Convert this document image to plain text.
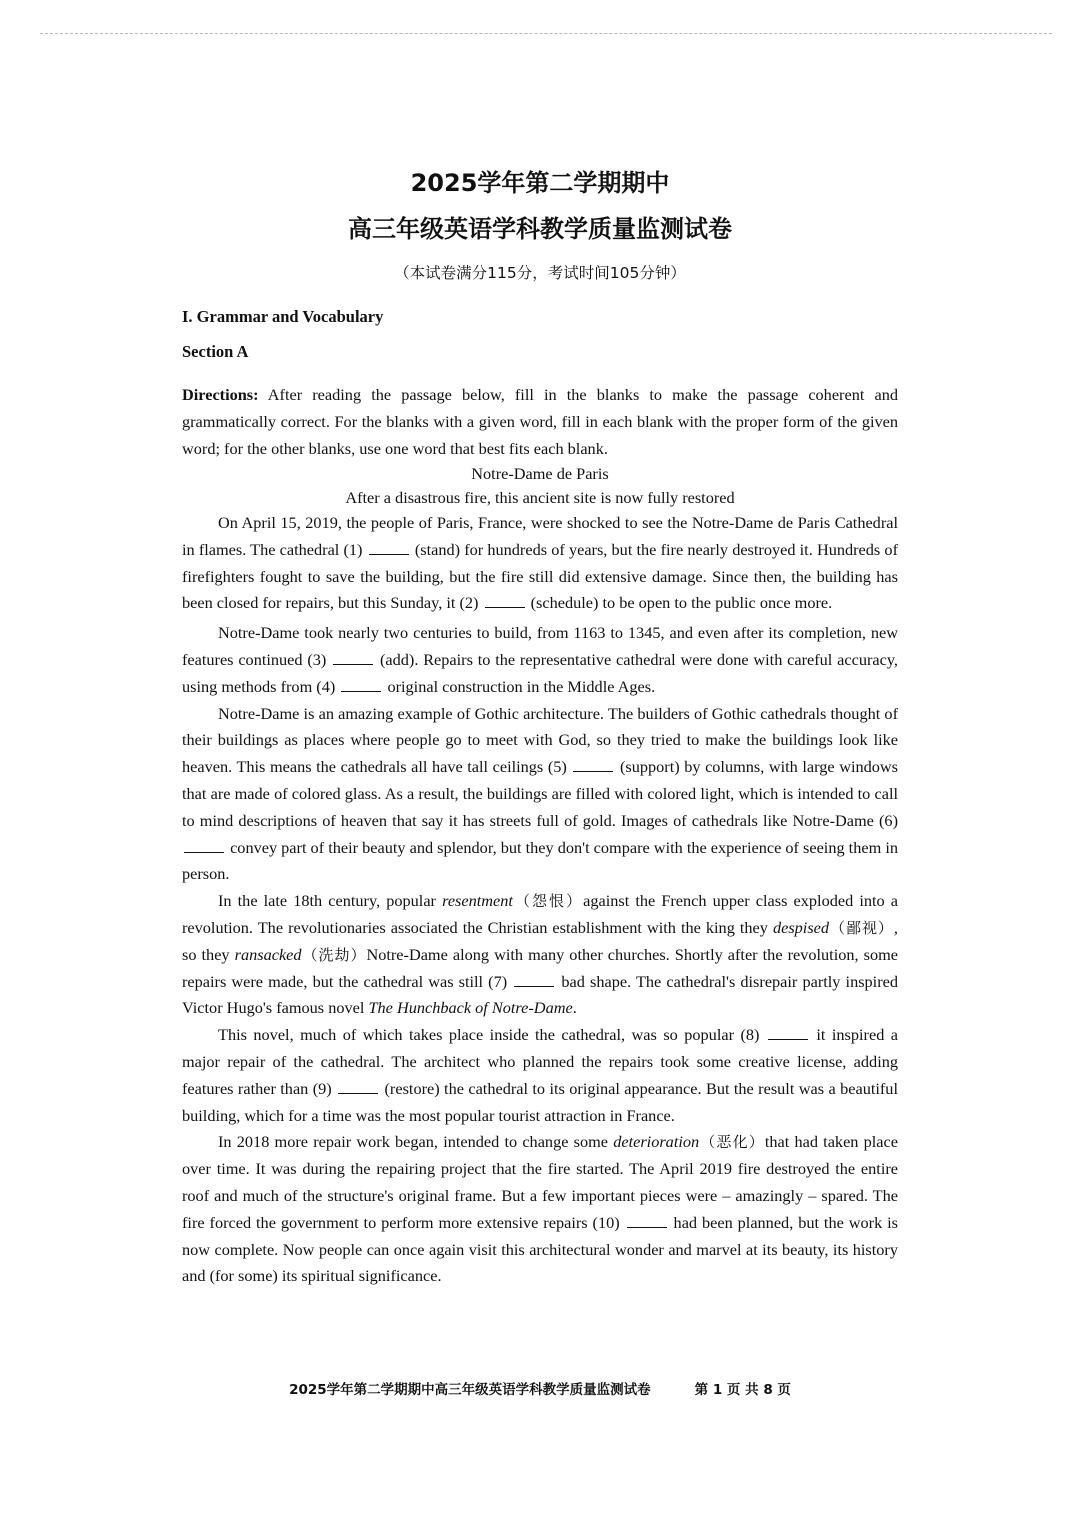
2025学年第二学期期中
高三年级英语学科教学质量监测试卷
（本试卷满分115分，考试时间105分钟）
I. Grammar and Vocabulary
Section A
Directions: After reading the passage below, fill in the blanks to make the passage coherent and grammatically correct. For the blanks with a given word, fill in each blank with the proper form of the given word; for the other blanks, use one word that best fits each blank.
Notre-Dame de Paris
After a disastrous fire, this ancient site is now fully restored

On April 15, 2019, the people of Paris, France, were shocked to see the Notre-Dame de Paris Cathedral in flames. The cathedral (1)	(stand) for hundreds of years, but the fire nearly destroyed it. Hundreds of firefighters fought to save the building, but the fire still did extensive damage. Since then, the building has been closed for repairs, but this Sunday, it (2)	(schedule) to be open to the public once more.

Notre-Dame took nearly two centuries to build, from 1163 to 1345, and even after its completion, new features continued (3)	(add). Repairs to the representative cathedral were done with careful accuracy, using methods from (4)	original construction in the Middle Ages.

Notre-Dame is an amazing example of Gothic architecture. The builders of Gothic cathedrals thought of their buildings as places where people go to meet with God, so they tried to make the buildings look like heaven. This means the cathedrals all have tall ceilings (5)	(support) by columns, with large windows that are made of colored glass. As a result, the buildings are filled with colored light, which is intended to call to mind descriptions of heaven that say it has streets full of gold. Images of cathedrals like Notre-Dame (6)  convey part of their beauty and splendor, but they don't compare with the experience of seeing them in person.

In the late 18th century, popular resentment（怨恨）against the French upper class exploded into a revolution. The revolutionaries associated the Christian establishment with the king they despised（鄙视）, so they ransacked（洗劫）Notre-Dame along with many other churches. Shortly after the revolution, some repairs were made, but the cathedral was still (7)	bad shape. The cathedral's disrepair partly inspired Victor Hugo's famous novel The Hunchback of Notre-Dame.

This novel, much of which takes place inside the cathedral, was so popular (8)	it inspired a major repair of the cathedral. The architect who planned the repairs took some creative license, adding features rather than (9)	(restore) the cathedral to its original appearance. But the result was a beautiful building, which for a time was the most popular tourist attraction in France.

In 2018 more repair work began, intended to change some deterioration（恶化）that had taken place over time. It was during the repairing project that the fire started. The April 2019 fire destroyed the entire roof and much of the structure's original frame. But a few important pieces were – amazingly – spared. The fire forced the government to perform more extensive repairs (10)	had been planned, but the work is now complete. Now people can once again visit this architectural wonder and marvel at its beauty, its history and (for some) its spiritual significance.

2025学年第二学期期中高三年级英语学科教学质量监测试卷	第 1 页 共 8 页
